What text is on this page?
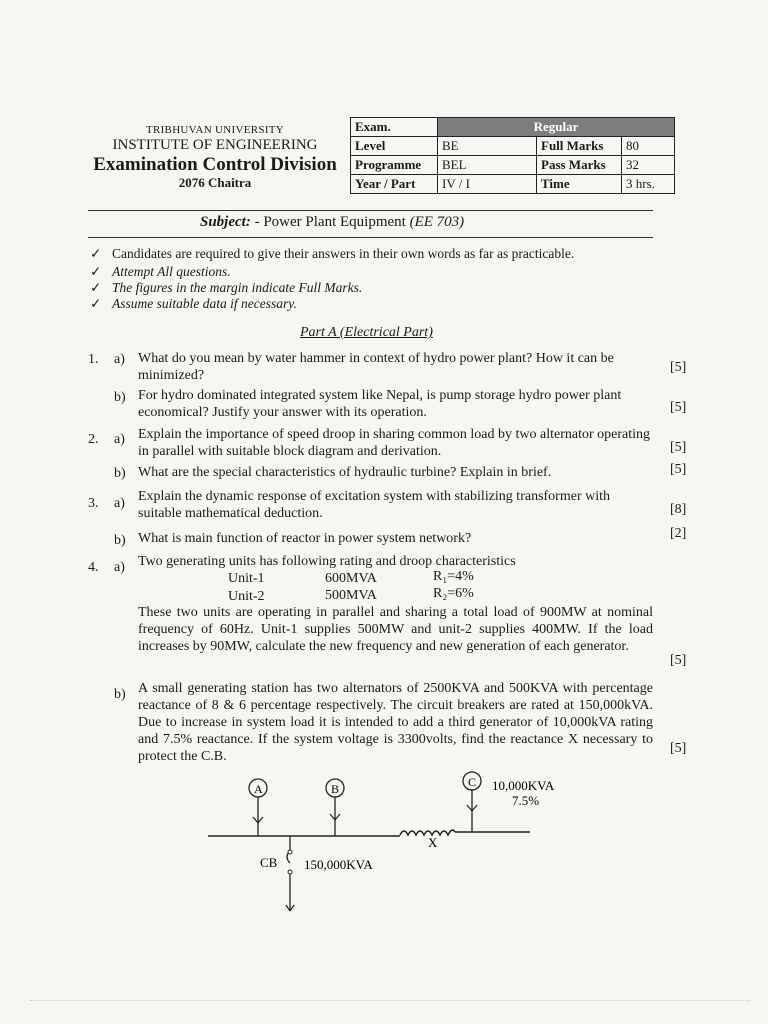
TRIBHUVAN UNIVERSITY
INSTITUTE OF ENGINEERING
Examination Control Division
2076 Chaitra
Exam.	Regular		
Level	BE	Full Marks	80
Programme	BEL	Pass Marks	32
Year / Part	IV / I	Time	3 hrs.
Subject: - Power Plant Equipment (EE 703)
✓ Candidates are required to give their answers in their own words as far as practicable.
✓ Attempt All questions.
✓ The figures in the margin indicate Full Marks.
✓ Assume suitable data if necessary.
Part A (Electrical Part)
1. a) What do you mean by water hammer in context of hydro power plant? How it can be minimized?
[5]
b) For hydro dominated integrated system like Nepal, is pump storage hydro power plant economical? Justify your answer with its operation.	[5]
2. a) Explain the importance of speed droop in sharing common load by two alternator operating in parallel with suitable block diagram and derivation.	[5]
b) What are the special characteristics of hydraulic turbine? Explain in brief.	[5]
3. a) Explain the dynamic response of excitation system with stabilizing transformer with suitable mathematical deduction.	[8]
b) What is main function of reactor in power system network?	[2]
4. a) Two generating units has following rating and droop characteristics
Unit-1	600MVA	R₁=4%
Unit-2	500MVA	R₂=6%
These two units are operating in parallel and sharing a total load of 900MW at nominal frequency of 60Hz. Unit-1 supplies 500MW and unit-2 supplies 400MW. If the load increases by 90MW, calculate the new frequency and new generation of each generator.
[5]
b) A small generating station has two alternators of 2500KVA and 500KVA with percentage reactance of 8 & 6 percentage respectively. The circuit breakers are rated at 150,000kVA. Due to increase in system load it is intended to add a third generator of 10,000kVA rating and 7.5% reactance. If the system voltage is 3300volts, find the reactance X necessary to protect the C.B.
[5]
A	B	C 10,000KVA
7.5%
X
CB 150,000KVA
